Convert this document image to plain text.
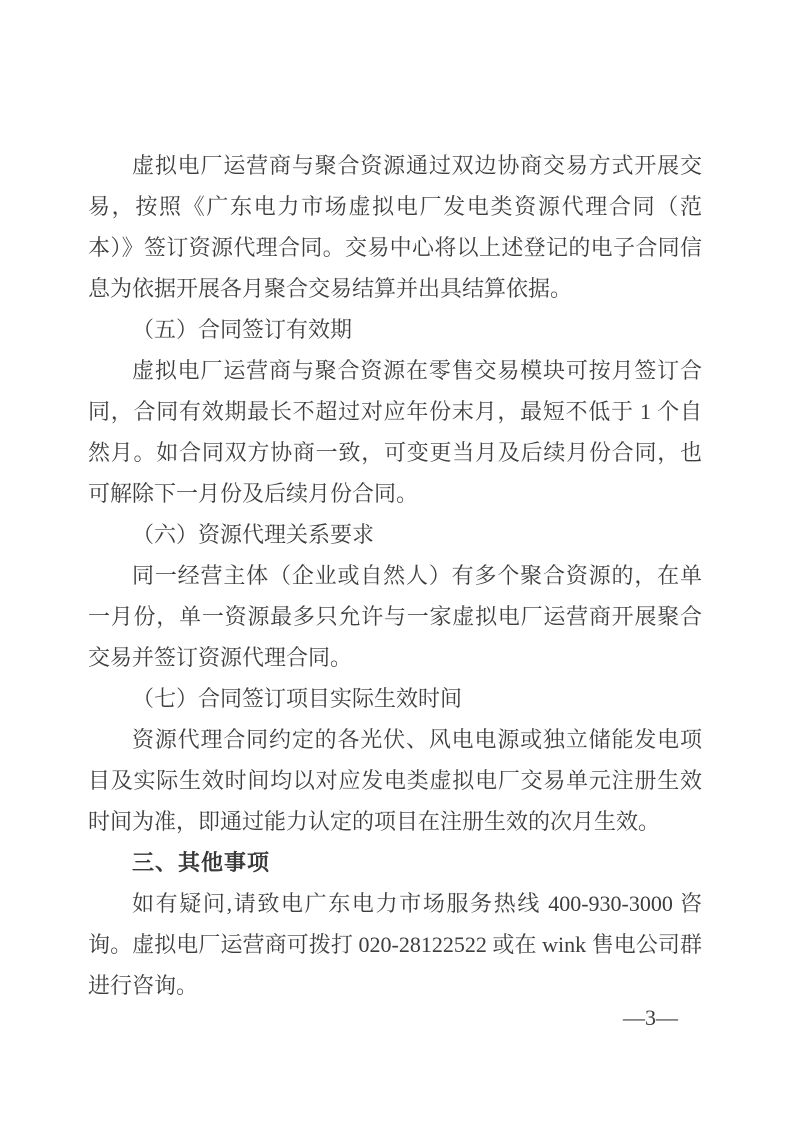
虚拟电厂运营商与聚合资源通过双边协商交易方式开展交易，按照《广东电力市场虚拟电厂发电类资源代理合同（范本）》签订资源代理合同。交易中心将以上述登记的电子合同信息为依据开展各月聚合交易结算并出具结算依据。

（五）合同签订有效期

虚拟电厂运营商与聚合资源在零售交易模块可按月签订合同，合同有效期最长不超过对应年份末月，最短不低于 1 个自然月。如合同双方协商一致，可变更当月及后续月份合同，也可解除下一月份及后续月份合同。

（六）资源代理关系要求

同一经营主体（企业或自然人）有多个聚合资源的，在单一月份，单一资源最多只允许与一家虚拟电厂运营商开展聚合交易并签订资源代理合同。

（七）合同签订项目实际生效时间

资源代理合同约定的各光伏、风电电源或独立储能发电项目及实际生效时间均以对应发电类虚拟电厂交易单元注册生效时间为准，即通过能力认定的项目在注册生效的次月生效。

三、其他事项

如有疑问,请致电广东电力市场服务热线 400-930-3000 咨询。虚拟电厂运营商可拨打 020-28122522 或在 wink 售电公司群进行咨询。

—3—
